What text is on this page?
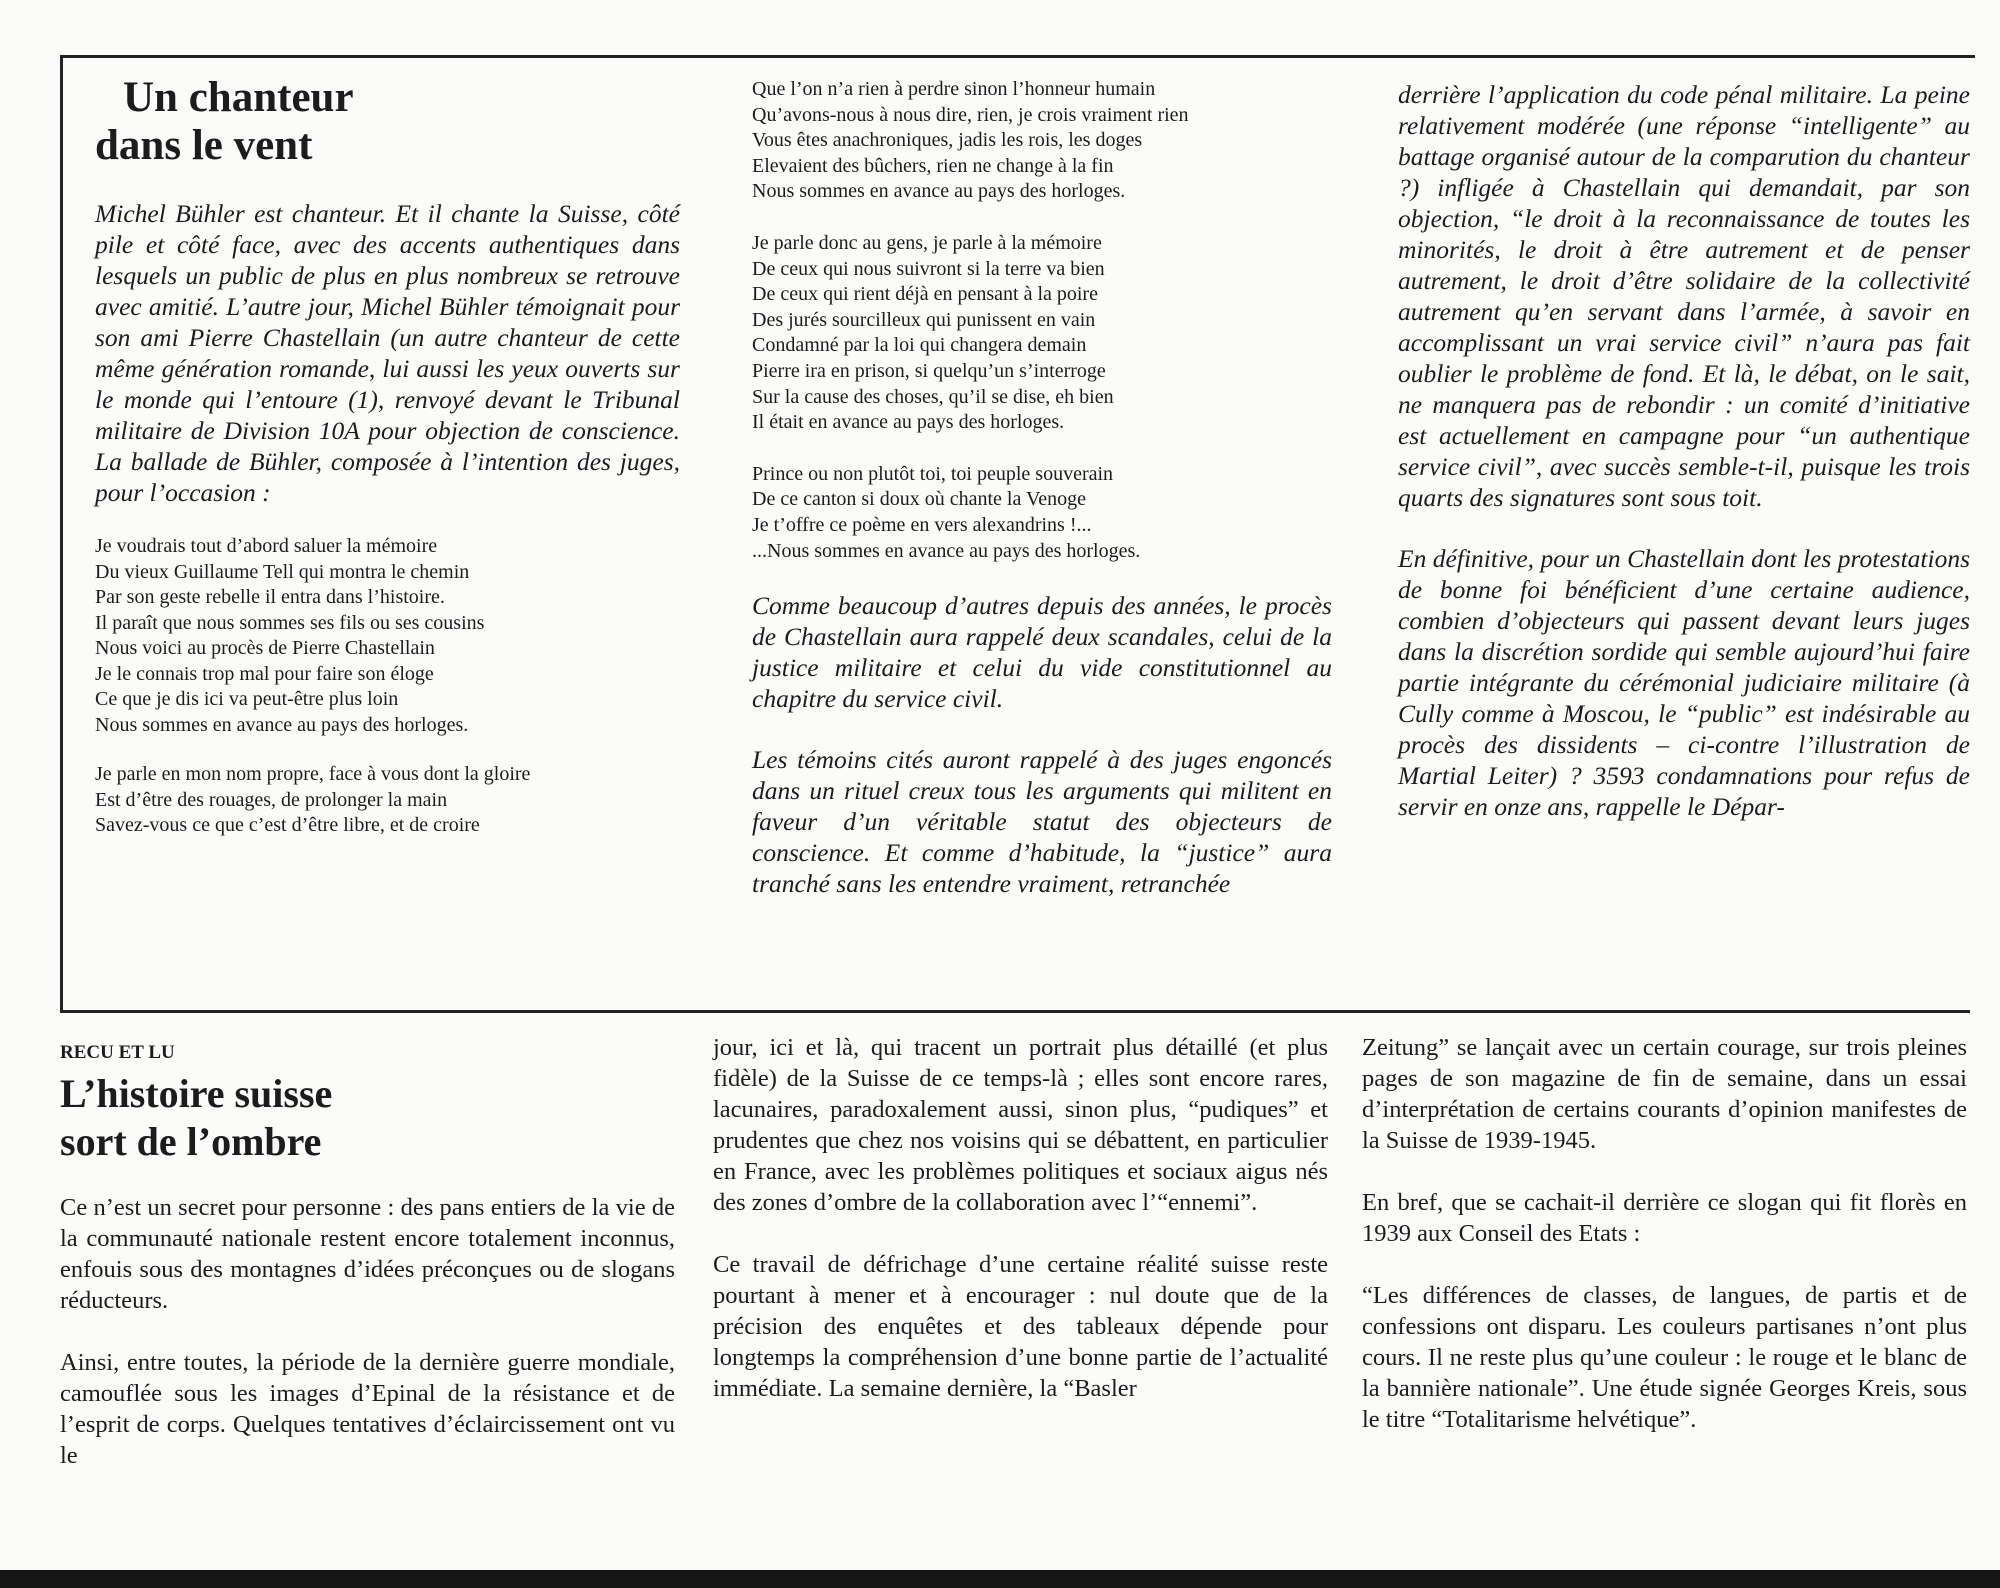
Un chanteur
dans le vent

Michel Bühler est chanteur. Et il chante la Suisse, côté pile et côté face, avec des accents authentiques dans lesquels un public de plus en plus nombreux se retrouve avec amitié. L’autre jour, Michel Bühler témoignait pour son ami Pierre Chastellain (un autre chanteur de cette même génération romande, lui aussi les yeux ouverts sur le monde qui l’entoure (1), renvoyé devant le Tribunal militaire de Division 10A pour objection de conscience. La ballade de Bühler, composée à l’intention des juges, pour l’occasion :

Je voudrais tout d’abord saluer la mémoire
Du vieux Guillaume Tell qui montra le chemin
Par son geste rebelle il entra dans l’histoire.
Il paraît que nous sommes ses fils ou ses cousins
Nous voici au procès de Pierre Chastellain
Je le connais trop mal pour faire son éloge
Ce que je dis ici va peut-être plus loin
Nous sommes en avance au pays des horloges.
Je parle en mon nom propre, face à vous dont la gloire
Est d’être des rouages, de prolonger la main
Savez-vous ce que c’est d’être libre, et de croire
Que l’on n’a rien à perdre sinon l’honneur humain
Qu’avons-nous à nous dire, rien, je crois vraiment rien
Vous êtes anachroniques, jadis les rois, les doges
Elevaient des bûchers, rien ne change à la fin
Nous sommes en avance au pays des horloges.
Je parle donc au gens, je parle à la mémoire
De ceux qui nous suivront si la terre va bien
De ceux qui rient déjà en pensant à la poire
Des jurés sourcilleux qui punissent en vain
Condamné par la loi qui changera demain
Pierre ira en prison, si quelqu’un s’interroge
Sur la cause des choses, qu’il se dise, eh bien
Il était en avance au pays des horloges.
Prince ou non plutôt toi, toi peuple souverain
De ce canton si doux où chante la Venoge
Je t’offre ce poème en vers alexandrins !...
...Nous sommes en avance au pays des horloges.

Comme beaucoup d’autres depuis des années, le procès de Chastellain aura rappelé deux scandales, celui de la justice militaire et celui du vide constitutionnel au chapitre du service civil.

Les témoins cités auront rappelé à des juges engoncés dans un rituel creux tous les arguments qui militent en faveur d’un véritable statut des objecteurs de conscience. Et comme d’habitude, la “justice” aura tranché sans les entendre vraiment, retranchée

derrière l’application du code pénal militaire. La peine relativement modérée (une réponse “intelligente” au battage organisé autour de la comparution du chanteur ?) infligée à Chastellain qui demandait, par son objection, “le droit à la reconnaissance de toutes les minorités, le droit à être autrement et de penser autrement, le droit d’être solidaire de la collectivité autrement qu’en servant dans l’armée, à savoir en accomplissant un vrai service civil” n’aura pas fait oublier le problème de fond. Et là, le débat, on le sait, ne manquera pas de rebondir : un comité d’initiative est actuellement en campagne pour “un authentique service civil”, avec succès semble-t-il, puisque les trois quarts des signatures sont sous toit.

En définitive, pour un Chastellain dont les protestations de bonne foi bénéficient d’une certaine audience, combien d’objecteurs qui passent devant leurs juges dans la discrétion sordide qui semble aujourd’hui faire partie intégrante du cérémonial judiciaire militaire (à Cully comme à Moscou, le “public” est indésirable au procès des dissidents – ci-contre l’illustration de Martial Leiter) ? 3593 condamnations pour refus de servir en onze ans, rappelle le Dépar-

RECU ET LU
L’histoire suisse
sort de l’ombre

Ce n’est un secret pour personne : des pans entiers de la vie de la communauté nationale restent encore totalement inconnus, enfouis sous des montagnes d’idées préconçues ou de slogans réducteurs.

Ainsi, entre toutes, la période de la dernière guerre mondiale, camouflée sous les images d’Epinal de la résistance et de l’esprit de corps. Quelques tentatives d’éclaircissement ont vu le

jour, ici et là, qui tracent un portrait plus détaillé (et plus fidèle) de la Suisse de ce temps-là ; elles sont encore rares, lacunaires, paradoxalement aussi, sinon plus, “pudiques” et prudentes que chez nos voisins qui se débattent, en particulier en France, avec les problèmes politiques et sociaux aigus nés des zones d’ombre de la collaboration avec l’“ennemi”.

Ce travail de défrichage d’une certaine réalité suisse reste pourtant à mener et à encourager : nul doute que de la précision des enquêtes et des tableaux dépende pour longtemps la compréhension d’une bonne partie de l’actualité immédiate. La semaine dernière, la “Basler

Zeitung” se lançait avec un certain courage, sur trois pleines pages de son magazine de fin de semaine, dans un essai d’interprétation de certains courants d’opinion manifestes de la Suisse de 1939-1945.

En bref, que se cachait-il derrière ce slogan qui fit florès en 1939 aux Conseil des Etats :

“Les différences de classes, de langues, de partis et de confessions ont disparu. Les couleurs partisanes n’ont plus cours. Il ne reste plus qu’une couleur : le rouge et le blanc de la bannière nationale”. Une étude signée Georges Kreis, sous le titre “Totalitarisme helvétique”.
